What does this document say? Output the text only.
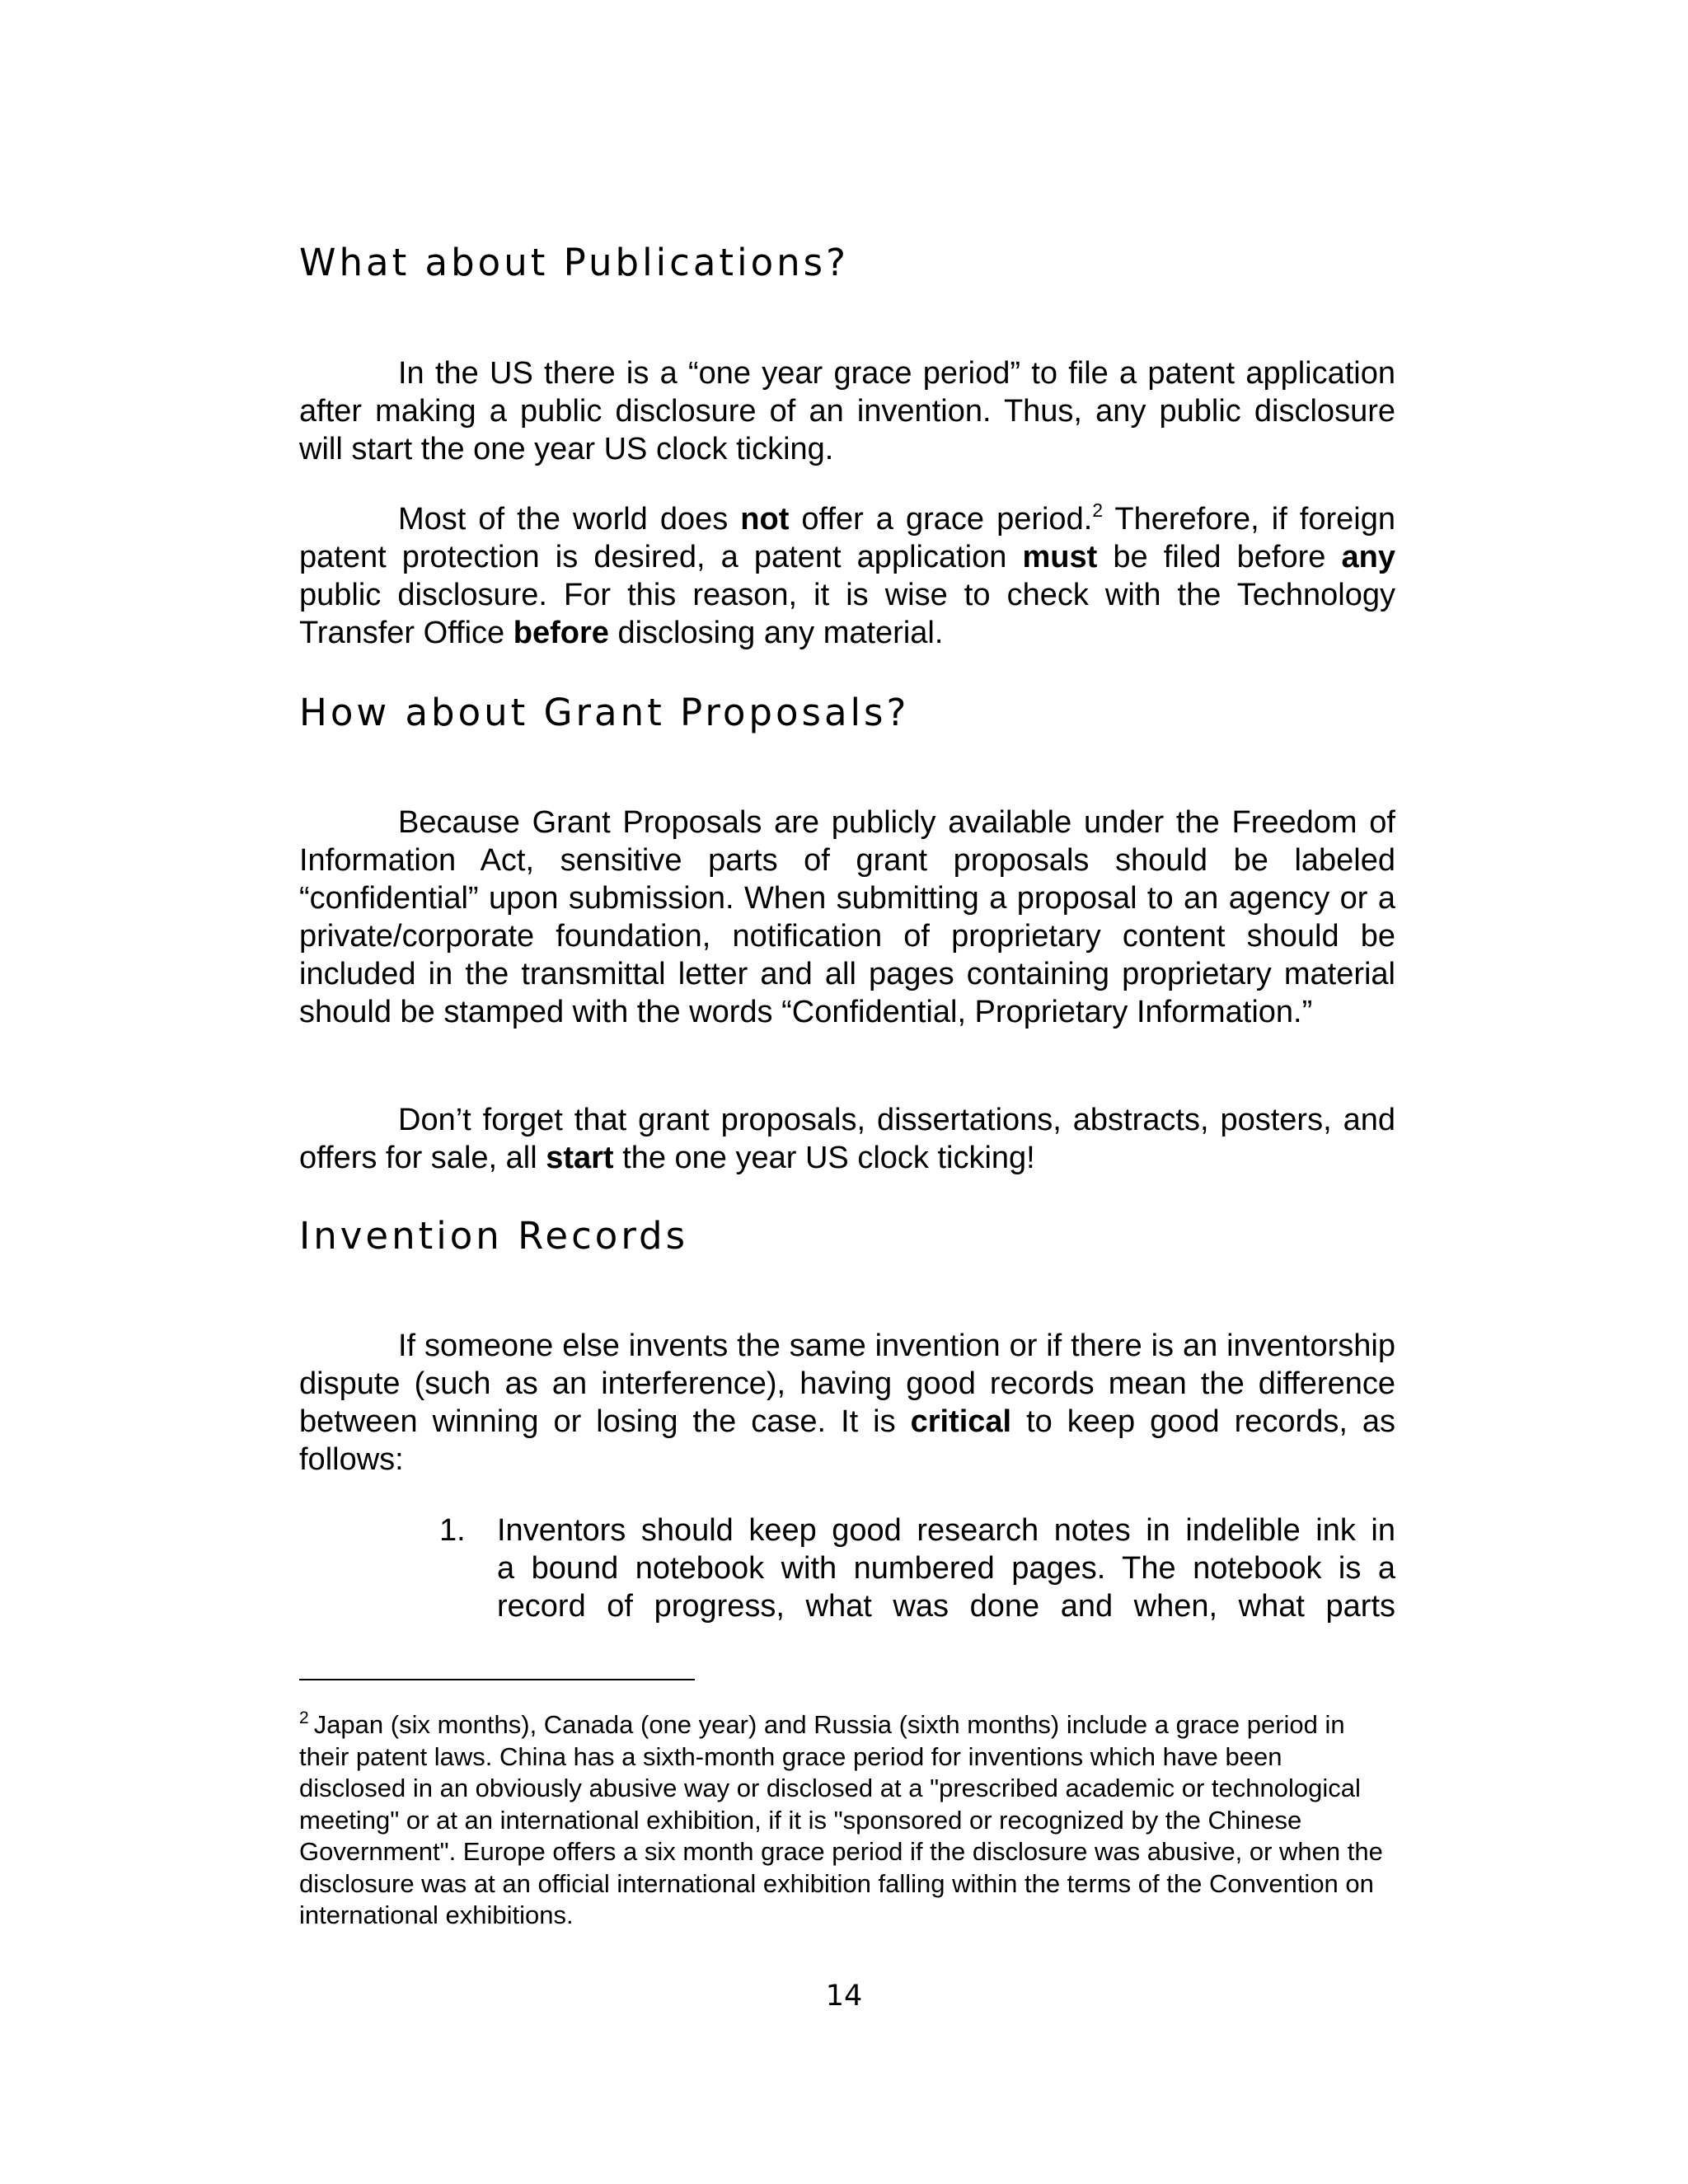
What about Publications?

In the US there is a “one year grace period” to file a patent application after making a public disclosure of an invention. Thus, any public disclosure will start the one year US clock ticking.

Most of the world does not offer a grace period.$^2$ Therefore, if foreign patent protection is desired, a patent application must be filed before any public disclosure. For this reason, it is wise to check with the Technology Transfer Office before disclosing any material.

How about Grant Proposals?

Because Grant Proposals are publicly available under the Freedom of Information Act, sensitive parts of grant proposals should be labeled “confidential” upon submission. When submitting a proposal to an agency or a private/corporate foundation, notification of proprietary content should be included in the transmittal letter and all pages containing proprietary material should be stamped with the words “Confidential, Proprietary Information.”

Don’t forget that grant proposals, dissertations, abstracts, posters, and offers for sale, all start the one year US clock ticking!

Invention Records

If someone else invents the same invention or if there is an inventorship dispute (such as an interference), having good records mean the difference between winning or losing the case. It is critical to keep good records, as follows:

1.	Inventors should keep good research notes in indelible ink in
a bound notebook with numbered pages. The notebook is a
record of progress, what was done and when, what parts

$^2$ Japan (six months), Canada (one year) and Russia (sixth months) include a grace period in their patent laws. China has a sixth-month grace period for inventions which have been disclosed in an obviously abusive way or disclosed at a "prescribed academic or technological meeting" or at an international exhibition, if it is "sponsored or recognized by the Chinese Government". Europe offers a six month grace period if the disclosure was abusive, or when the disclosure was at an official international exhibition falling within the terms of the Convention on international exhibitions.

14
